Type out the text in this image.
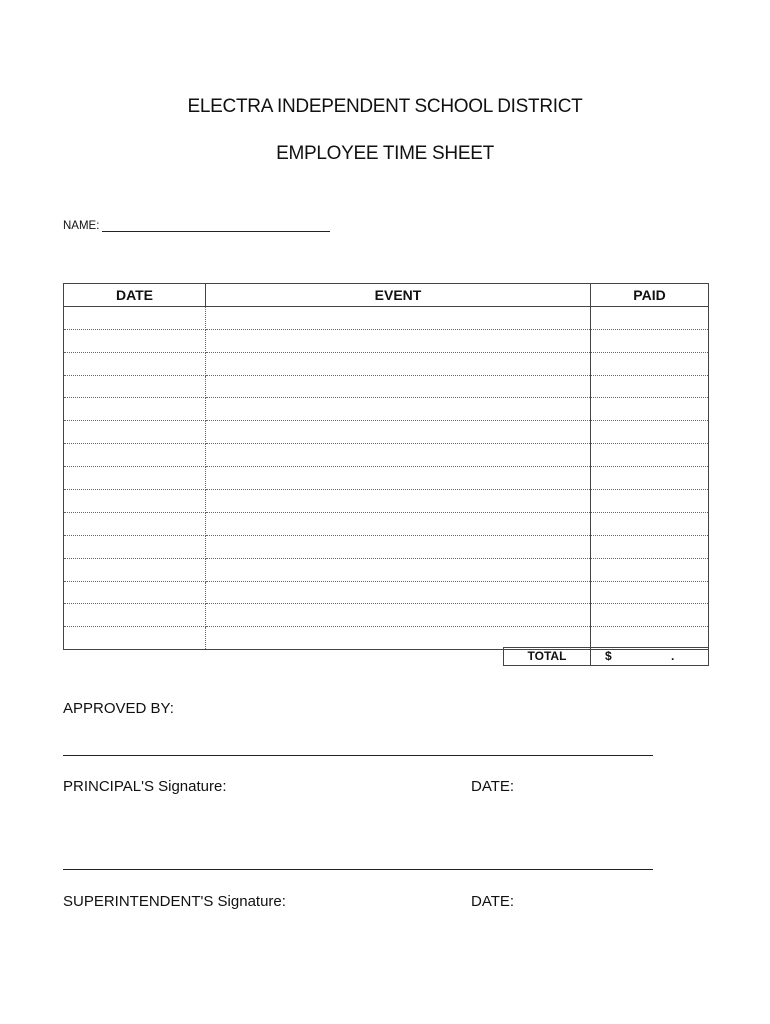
ELECTRA INDEPENDENT SCHOOL DISTRICT
EMPLOYEE TIME SHEET
NAME:
DATE	EVENT	PAID

TOTAL	$	.
APPROVED BY:
PRINCIPAL'S Signature:	DATE:
SUPERINTENDENT'S Signature:	DATE:
